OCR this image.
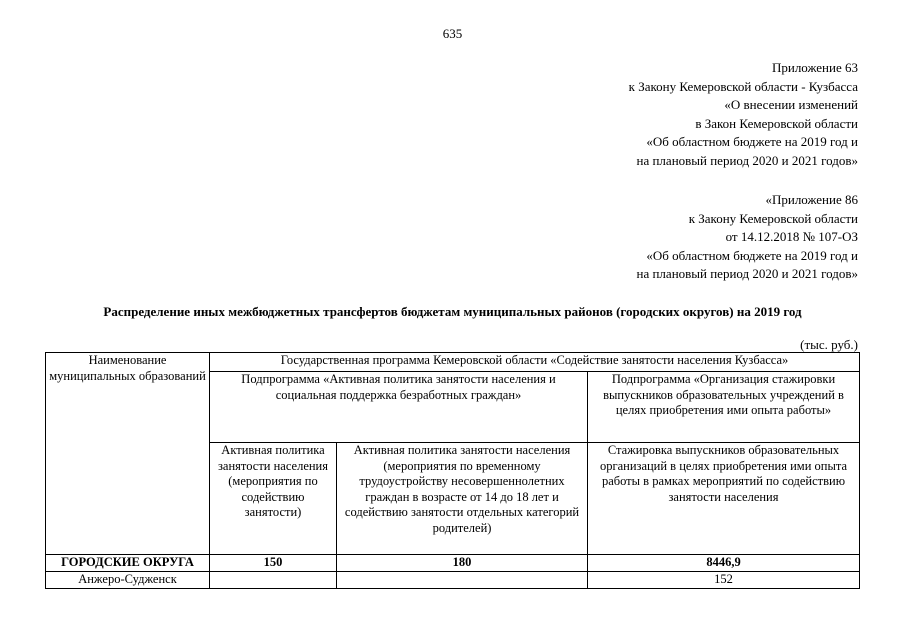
635
Приложение 63
к Закону Кемеровской области - Кузбасса
«О внесении изменений
в Закон Кемеровской области
«Об областном бюджете на 2019 год и
на плановый период 2020 и 2021 годов»
«Приложение 86
к Закону Кемеровской области
от 14.12.2018 № 107-ОЗ
«Об областном бюджете на 2019 год и
на плановый период 2020 и 2021 годов»
Распределение иных межбюджетных трансфертов бюджетам муниципальных районов (городских округов) на 2019 год
(тыс. руб.)
Наименование муниципальных образований	Государственная программа Кемеровской области «Содействие занятости населения Кузбасса»		
	Подпрограмма «Активная политика занятости населения и социальная поддержка безработных граждан»		Подпрограмма «Организация стажировки выпускников образовательных учреждений в целях приобретения ими опыта работы»
	Активная политика занятости населения (мероприятия по содействию занятости)	Активная политика занятости населения (мероприятия по временному трудоустройству несовершеннолетних граждан в возрасте от 14 до 18 лет и содействию занятости отдельных категорий родителей)	Стажировка выпускников образовательных организаций в целях приобретения ими опыта работы в рамках мероприятий по содействию занятости населения
ГОРОДСКИЕ ОКРУГА	150	180	8446,9
Анжеро-Судженск			152
